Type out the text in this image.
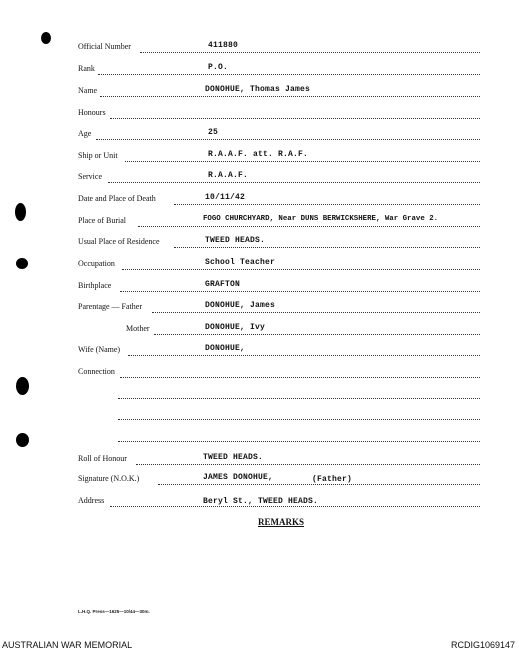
Official Number	411880
Rank	P.O.
Name	DONOHUE, Thomas James
Honours
Age	25
Ship or Unit	R.A.A.F. att. R.A.F.
Service	R.A.A.F.
Date and Place of Death	10/11/42
Place of Burial	FOGO CHURCHYARD, Near DUNS BERWICKSHERE, War Grave 2.
Usual Place of Residence	TWEED HEADS.
Occupation	School Teacher
Birthplace	GRAFTON
Parentage — Father	DONOHUE, James
Mother	DONOHUE, Ivy
Wife (Name)	DONOHUE,
Connection
Roll of Honour	TWEED HEADS.
Signature (N.O.K.)	JAMES DONOHUE,	(Father)
Address	Beryl St., TWEED HEADS.
REMARKS
L.H.Q. Press—1625—10/44—30m.
AUSTRALIAN WAR MEMORIAL	RCDIG1069147
